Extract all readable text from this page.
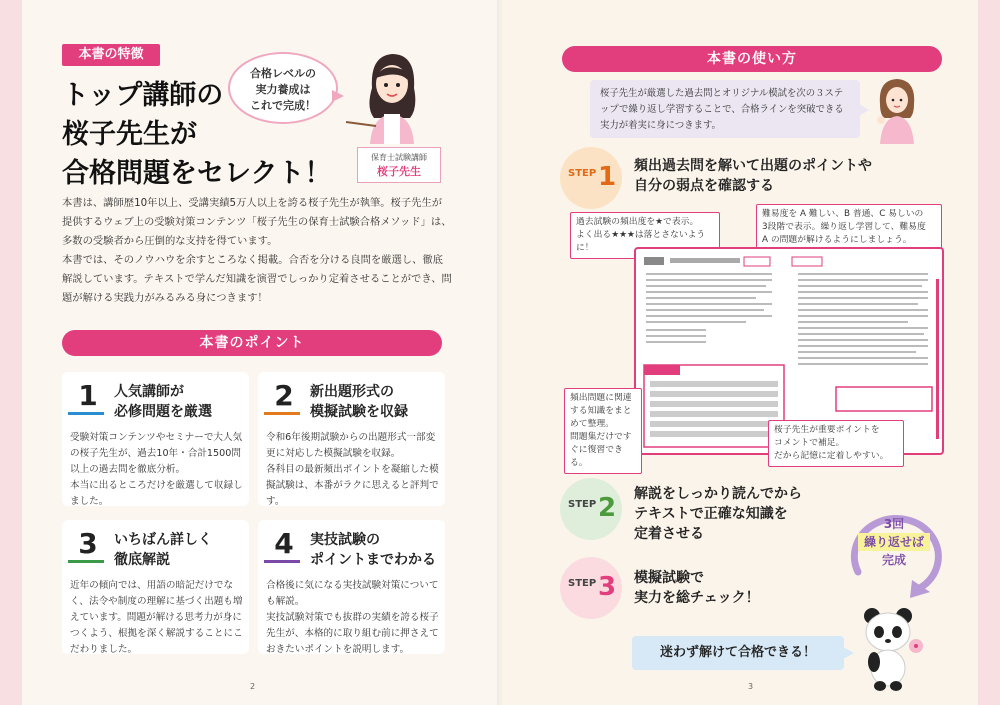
本書の特徴
トップ講師の
桜子先生が
合格問題をセレクト！
合格レベルの
実力養成は
これで完成！
保育士試験講師
桜子先生

本書は、講師歴10年以上、受講実績5万人以上を誇る桜子先生が執筆。桜子先生が提供するウェブ上の受験対策コンテンツ「桜子先生の保育士試験合格メソッド」は、多数の受験者から圧倒的な支持を得ています。

本書では、そのノウハウを余すところなく掲載。合否を分ける良問を厳選し、徹底解説しています。テキストで学んだ知識を演習でしっかり定着させることができ、問題が解ける実践力がみるみる身につきます！

本書のポイント
1	人気講師が
必修問題を厳選

受験対策コンテンツやセミナーで大人気の桜子先生が、過去10年・合計1500問以上の過去問を徹底分析。

本当に出るところだけを厳選して収録しました。

2	新出題形式の
模擬試験を収録

令和6年後期試験からの出題形式一部変更に対応した模擬試験を収録。

各科目の最新頻出ポイントを凝縮した模擬試験は、本番がラクに思えると評判です。

3	いちばん詳しく
徹底解説

近年の傾向では、用語の暗記だけでなく、法令や制度の理解に基づく出題も増えています。問題が解ける思考力が身につくよう、根拠を深く解説することにこだわりました。

4	実技試験の
ポイントまでわかる

合格後に気になる実技試験対策についても解説。

実技試験対策でも抜群の実績を誇る桜子先生が、本格的に取り組む前に押さえておきたいポイントを説明します。

2
本書の使い方
桜子先生が厳選した過去問とオリジナル模試を次の３ステップで繰り返し学習することで、合格ラインを突破できる実力が着実に身につきます。
STEP 1 頻出過去問を解いて出題のポイントや
自分の弱点を確認する
過去試験の頻出度を★で表示。
よく出る★★★は落とさないように！
難易度を A 難しい、B 普通、C 易しいの
3段階で表示。繰り返し学習して、難易度
A の問題が解けるようにしましょう。
頻出問題に関連
する知識をまと
めて整理。
問題集だけです
ぐに復習できる。
桜子先生が重要ポイントを
コメントで補足。
だから記憶に定着しやすい。
STEP 2 解説をしっかり読んでから
テキストで正確な知識を
定着させる
STEP 3 模擬試験で
実力を総チェック！
3回
繰り返せば
完成
迷わず解けて合格できる！
3
